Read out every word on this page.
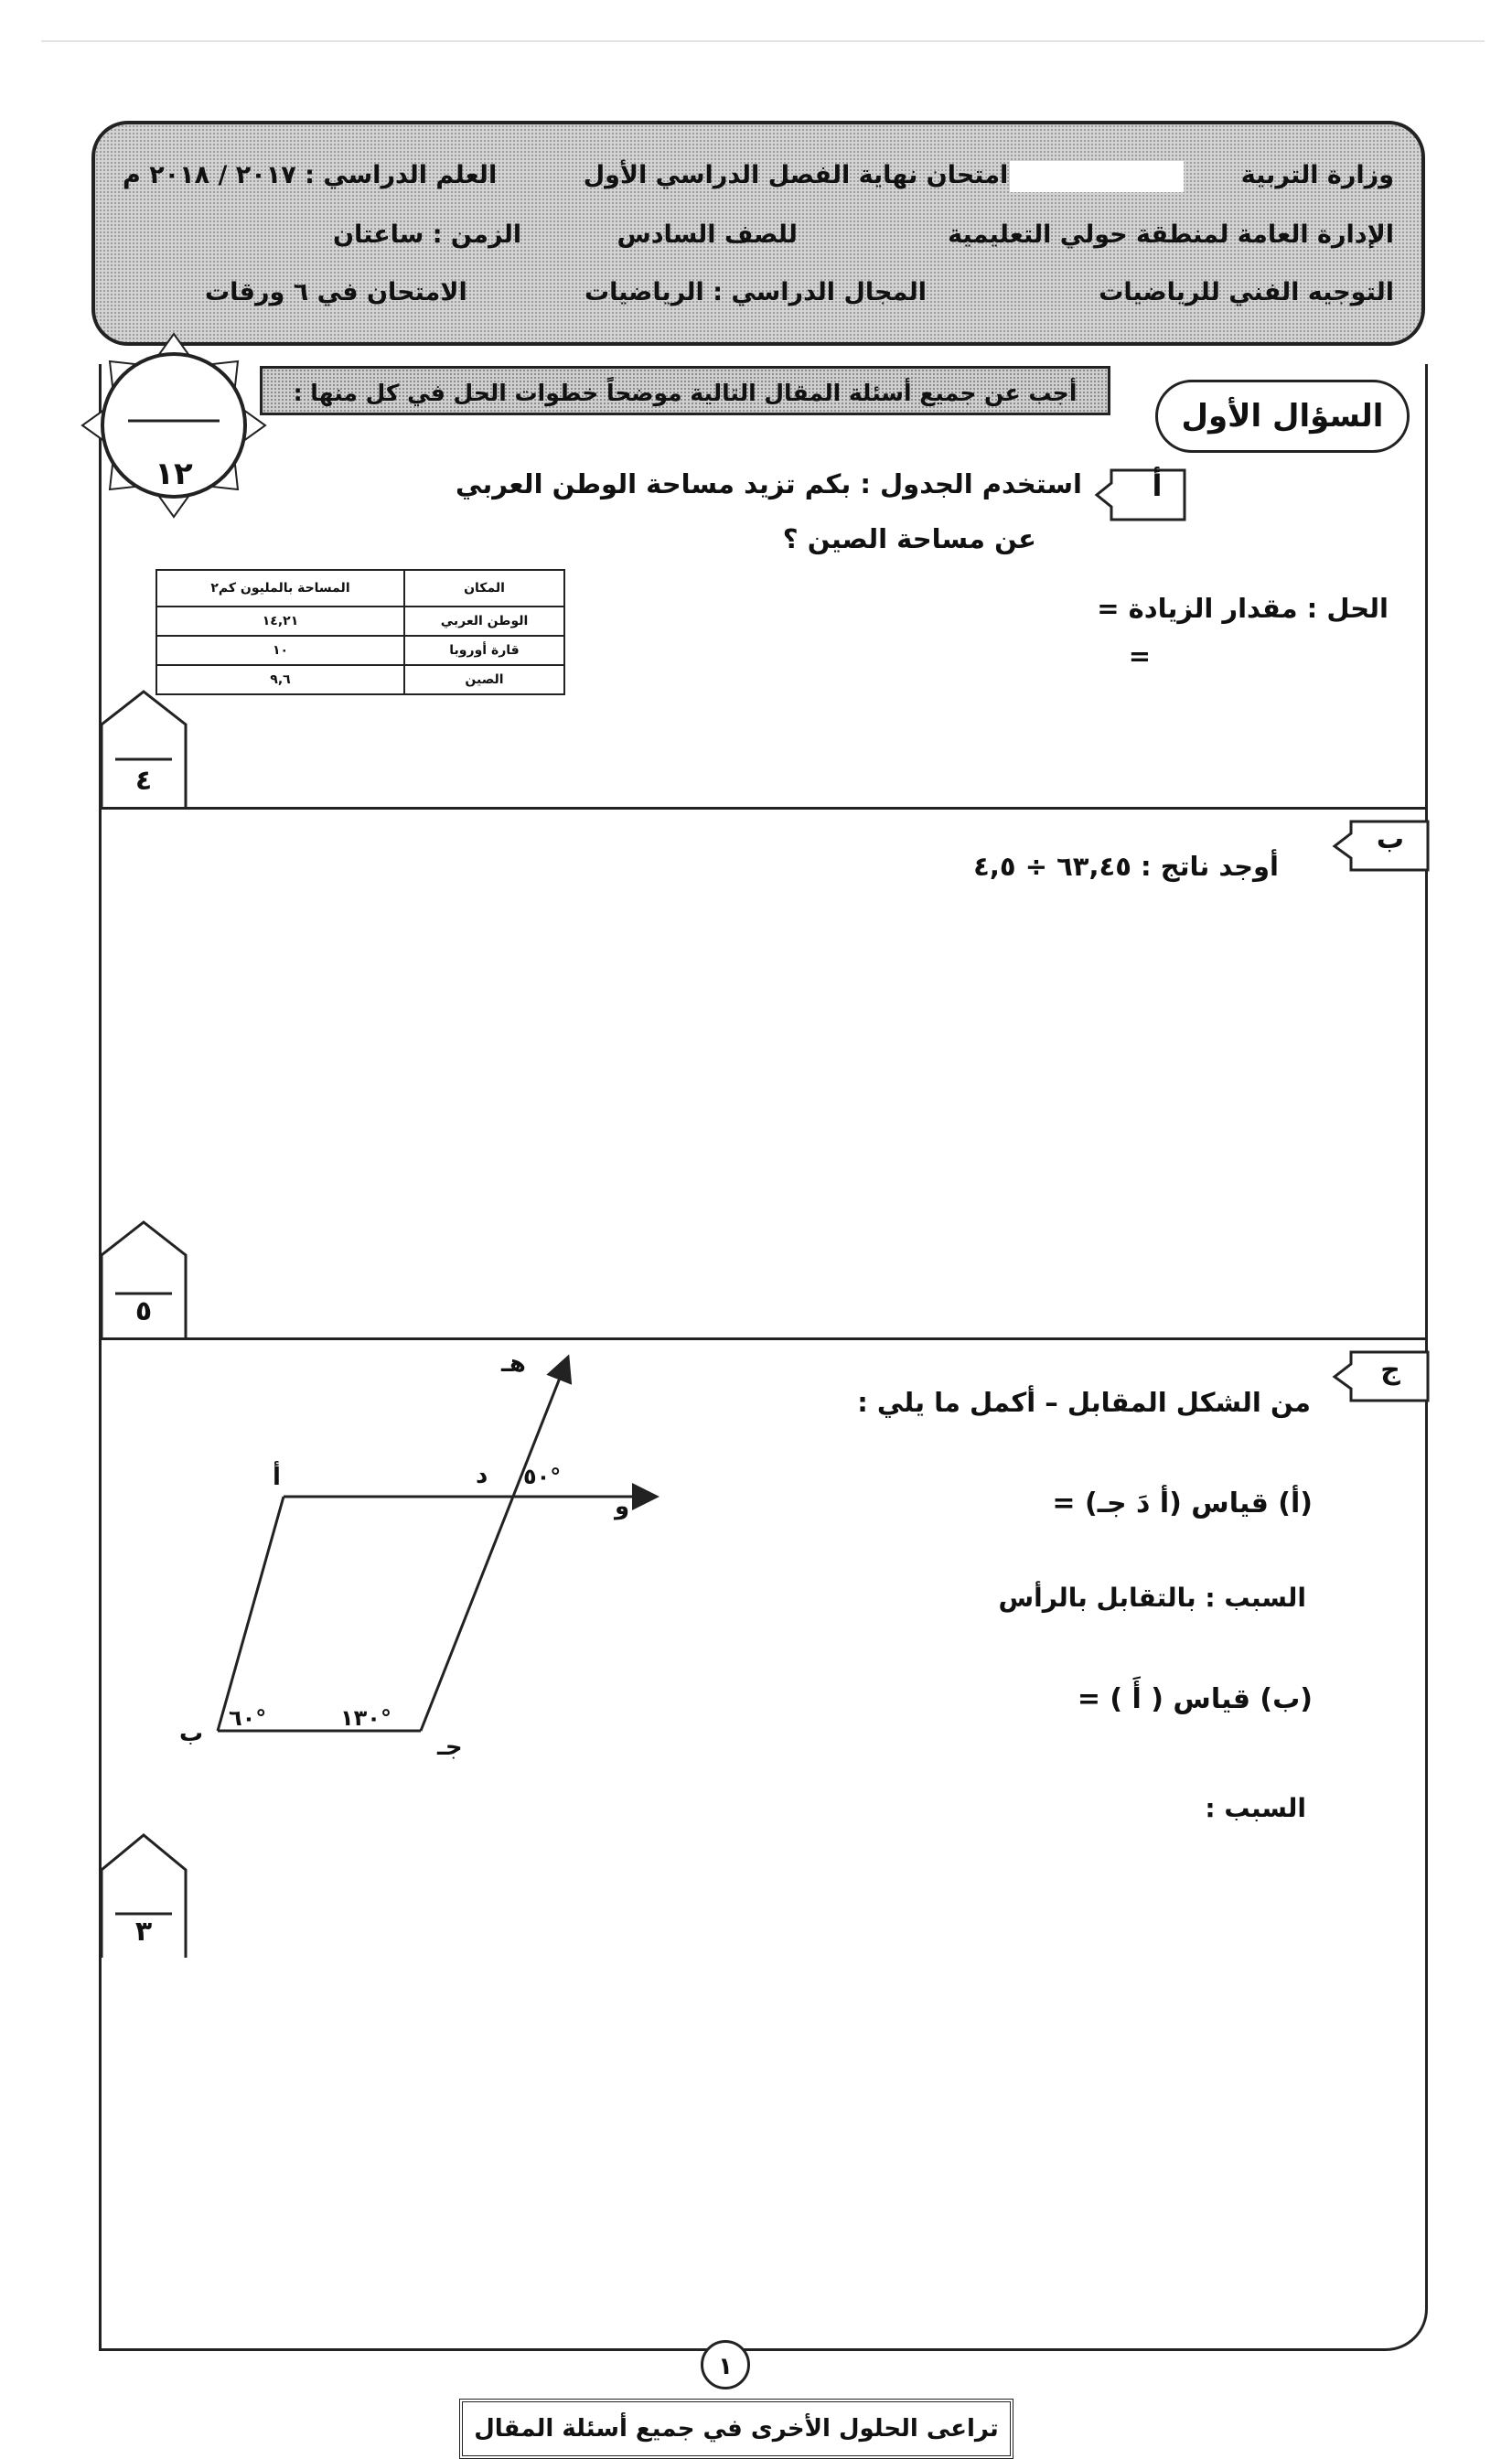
وزارة التربية
امتحان نهاية الفصل الدراسي الأول
العلم الدراسي : ٢٠١٧ / ٢٠١٨ م
الإدارة العامة لمنطقة حولي التعليمية
للصف السادس
الزمن : ساعتان
التوجيه الفني للرياضيات
المجال الدراسي : الرياضيات
الامتحان في ٦ ورقات
١٢
أجب عن جميع أسئلة المقال التالية موضحاً خطوات الحل في كل منها :
السؤال الأول
أ
استخدم الجدول : بكم تزيد مساحة الوطن العربي
عن مساحة الصين ؟
الحل : مقدار الزيادة =
=
المكان	المساحة بالمليون كم٢
الوطن العربي	١٤,٢١
قارة أوروبا	١٠
الصين	٩,٦
٤
ب
أوجد ناتج : ٦٣,٤٥ ÷ ٤,٥
٥
ج
من الشكل المقابل – أكمل ما يلي :
(أ) قياس (أ دَ جـ) =
السبب : بالتقابل بالرأس
(ب) قياس ( أَ ) =
السبب :
أ	د
هـ
و
ب	جـ
٥٠°
٦٠°	١٣٠°
٣
١
تراعى الحلول الأخرى في جميع أسئلة المقال
